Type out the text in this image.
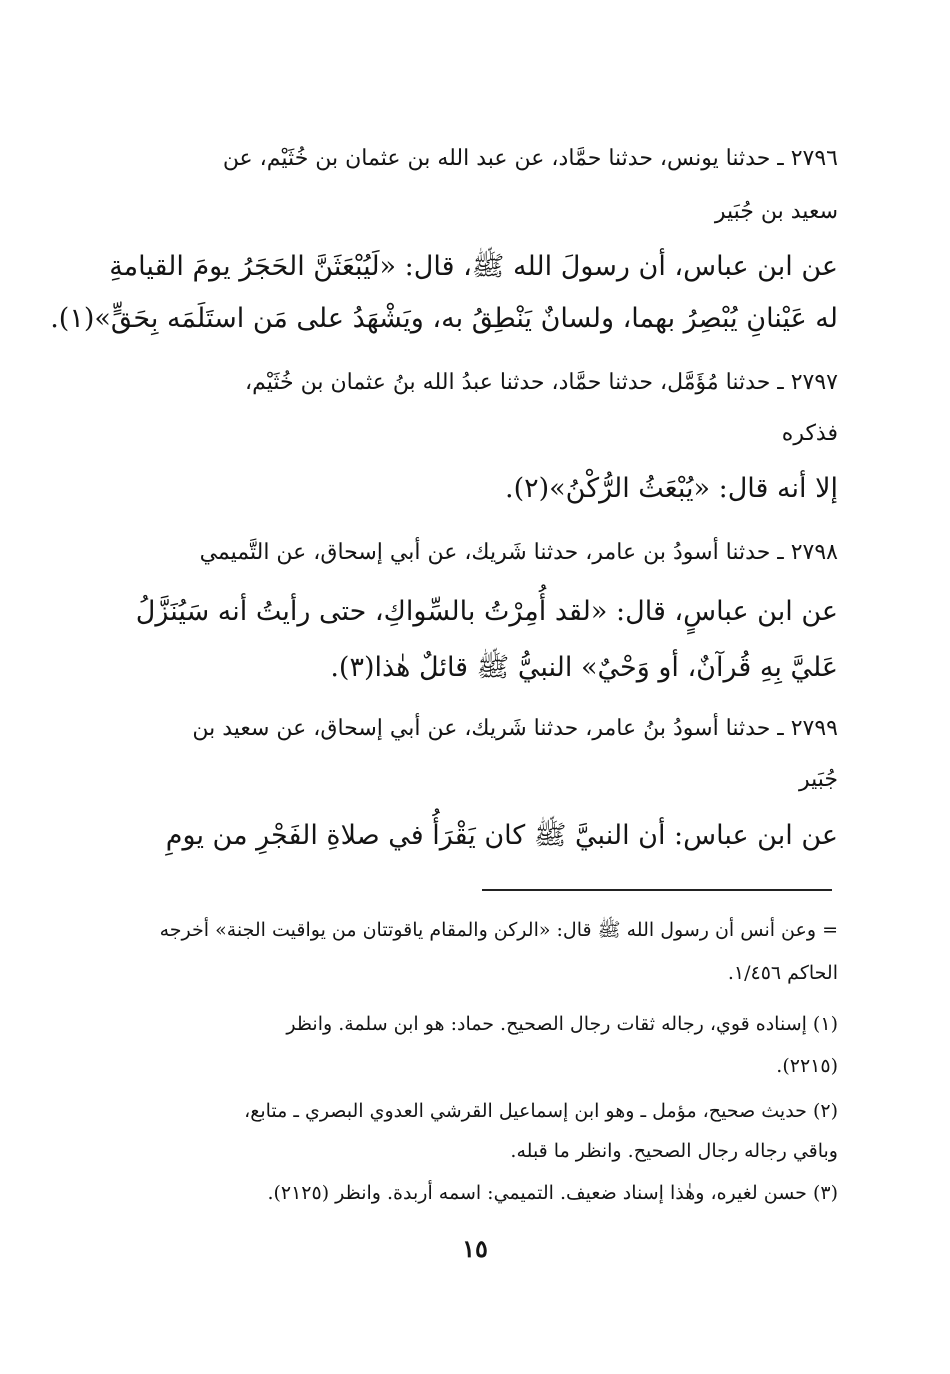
٢٧٩٦ ـ حدثنا يونس، حدثنا حمَّاد، عن عبد الله بن عثمان بن خُثَيْم، عن
سعيد بن جُبَير
عن ابن عباس، أن رسولَ الله ﷺ، قال: «لَيُبْعَثَنَّ الحَجَرُ يومَ القيامةِ
له عَيْنانِ يُبْصِرُ بهما، ولسانٌ يَنْطِقُ به، ويَشْهَدُ على مَن استَلَمَه بِحَقٍّ»(١).
٢٧٩٧ ـ حدثنا مُؤَمَّل، حدثنا حمَّاد، حدثنا عبدُ الله بنُ عثمان بن خُثَيْم،
فذكره
إلا أنه قال: «يُبْعَثُ الرُّكْنُ»(٢).
٢٧٩٨ ـ حدثنا أسودُ بن عامر، حدثنا شَريك، عن أبي إسحاق، عن التَّميمي
عن ابن عباسٍ، قال: «لقد أُمِرْتُ بالسِّواكِ، حتى رأيتُ أنه سَيُنَزَّلُ
عَليَّ بِهِ قُرآنٌ، أو وَحْيٌ» النبيُّ ﷺ قائلٌ هٰذا(٣).
٢٧٩٩ ـ حدثنا أسودُ بنُ عامر، حدثنا شَريك، عن أبي إسحاق، عن سعيد بن
جُبَير
عن ابن عباس: أن النبيَّ ﷺ كان يَقْرَأُ في صلاةِ الفَجْرِ من يومِ
= وعن أنس أن رسول الله ﷺ قال: «الركن والمقام ياقوتتان من يواقيت الجنة» أخرجه
الحاكم ١/٤٥٦.
(١) إسناده قوي، رجاله ثقات رجال الصحيح. حماد: هو ابن سلمة. وانظر
(٢٢١٥).
(٢) حديث صحيح، مؤمل ـ وهو ابن إسماعيل القرشي العدوي البصري ـ متابع،
وباقي رجاله رجال الصحيح. وانظر ما قبله.
(٣) حسن لغيره، وهٰذا إسناد ضعيف. التميمي: اسمه أربدة. وانظر (٢١٢٥).
١٥
